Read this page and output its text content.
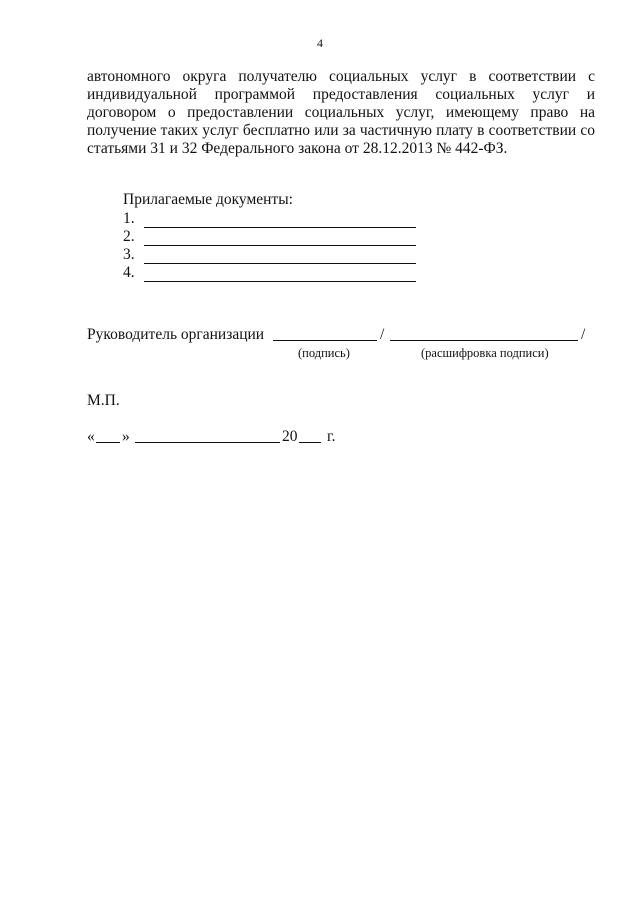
4

автономного округа получателю социальных услуг в соответствии с индивидуальной программой предоставления социальных услуг и договором о предоставлении социальных услуг, имеющему право на получение таких услуг бесплатно или за частичную плату в соответствии со статьями 31 и 32 Федерального закона от 28.12.2013 № 442-ФЗ.

Прилагаемые документы:
1.
2.
3.
4.
Руководитель организации	/	/
(подпись)	(расшифровка подписи)
М.П.
« »	20 г.
